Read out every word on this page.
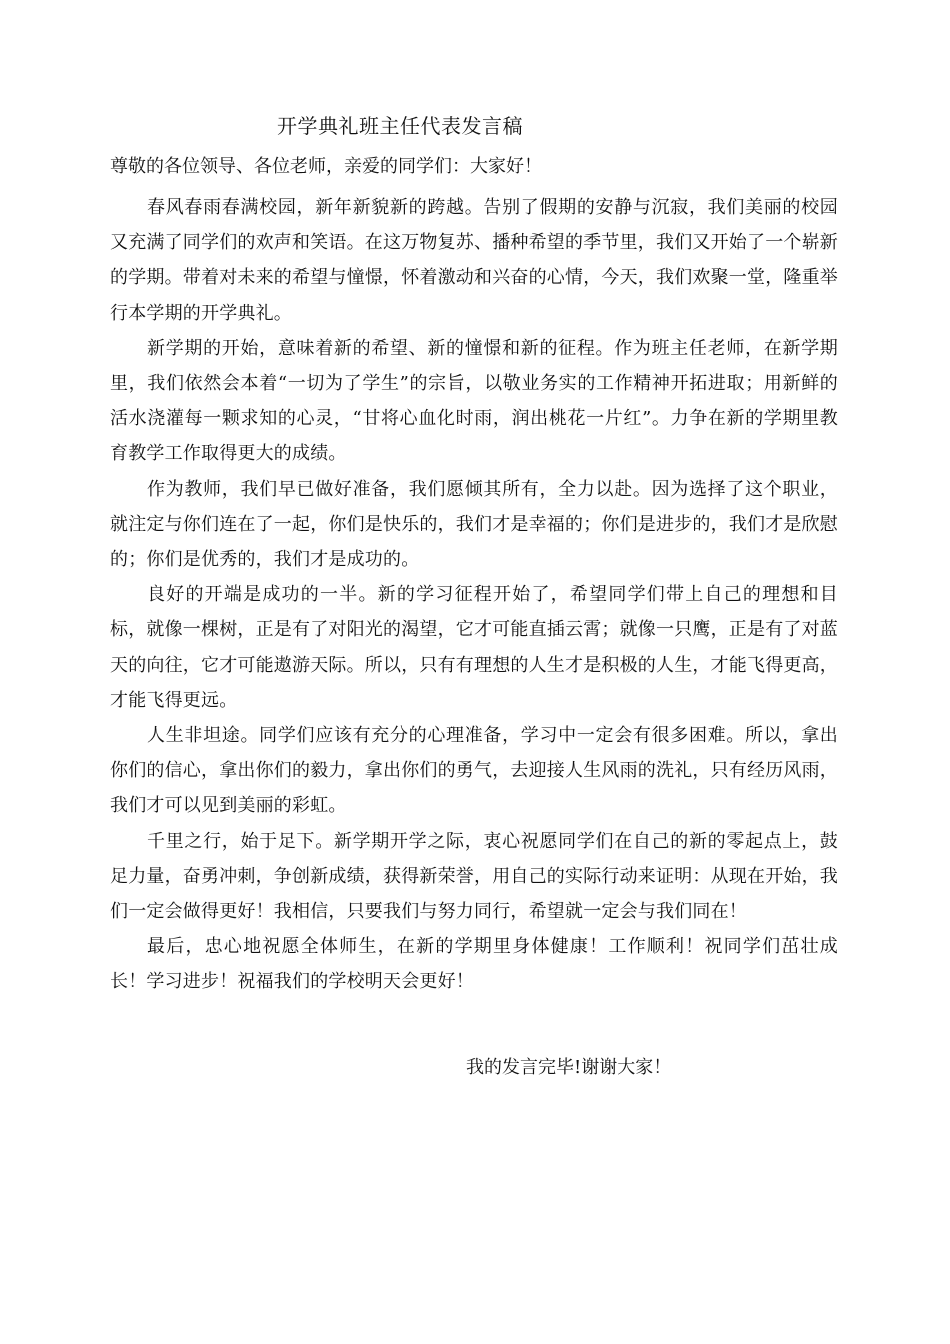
开学典礼班主任代表发言稿
尊敬的各位领导、各位老师，亲爱的同学们：大家好！

春风春雨春满校园，新年新貌新的跨越。告别了假期的安静与沉寂，我们美丽的校园又充满了同学们的欢声和笑语。在这万物复苏、播种希望的季节里，我们又开始了一个崭新的学期。带着对未来的希望与憧憬，怀着激动和兴奋的心情，今天，我们欢聚一堂，隆重举行本学期的开学典礼。

新学期的开始，意味着新的希望、新的憧憬和新的征程。作为班主任老师，在新学期里，我们依然会本着“一切为了学生”的宗旨，以敬业务实的工作精神开拓进取；用新鲜的活水浇灌每一颗求知的心灵，“甘将心血化时雨，润出桃花一片红”。力争在新的学期里教育教学工作取得更大的成绩。

作为教师，我们早已做好准备，我们愿倾其所有，全力以赴。因为选择了这个职业，就注定与你们连在了一起，你们是快乐的，我们才是幸福的；你们是进步的，我们才是欣慰的；你们是优秀的，我们才是成功的。

良好的开端是成功的一半。新的学习征程开始了，希望同学们带上自己的理想和目标，就像一棵树，正是有了对阳光的渴望，它才可能直插云霄；就像一只鹰，正是有了对蓝天的向往，它才可能遨游天际。所以，只有有理想的人生才是积极的人生，才能飞得更高，才能飞得更远。

人生非坦途。同学们应该有充分的心理准备，学习中一定会有很多困难。所以，拿出你们的信心，拿出你们的毅力，拿出你们的勇气，去迎接人生风雨的洗礼，只有经历风雨，我们才可以见到美丽的彩虹。

千里之行，始于足下。新学期开学之际，衷心祝愿同学们在自己的新的零起点上，鼓足力量，奋勇冲刺，争创新成绩，获得新荣誉，用自己的实际行动来证明：从现在开始，我们一定会做得更好！我相信，只要我们与努力同行，希望就一定会与我们同在！

最后，忠心地祝愿全体师生，在新的学期里身体健康！工作顺利！祝同学们茁壮成长！学习进步！祝福我们的学校明天会更好！

我的发言完毕!谢谢大家！
